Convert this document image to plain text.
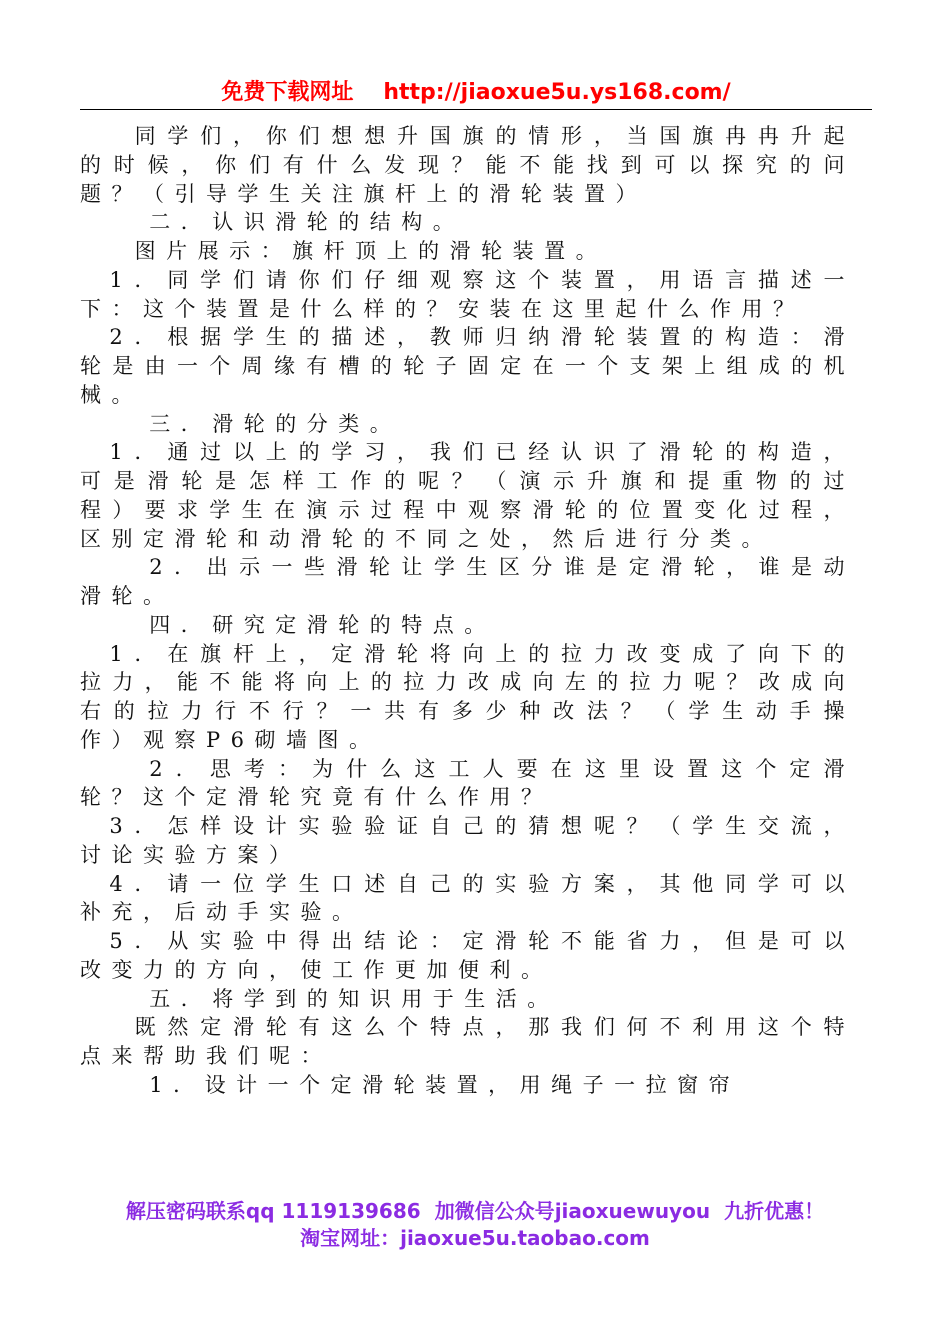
免费下载网址 http://jiaoxue5u.ys168.com/

同学们，你们想想升国旗的情形，当国旗冉冉升起的时候，你们有什么发现？能不能找到可以探究的问题？（引导学生关注旗杆上的滑轮装置）

二．认识滑轮的结构。

图片展示：旗杆顶上的滑轮装置。

1．同学们请你们仔细观察这个装置，用语言描述一下：这个装置是什么样的？安装在这里起什么作用？

2．根据学生的描述，教师归纳滑轮装置的构造：滑轮是由一个周缘有槽的轮子固定在一个支架上组成的机械。

三．滑轮的分类。

1．通过以上的学习，我们已经认识了滑轮的构造，可是滑轮是怎样工作的呢？（演示升旗和提重物的过程）要求学生在演示过程中观察滑轮的位置变化过程，区别定滑轮和动滑轮的不同之处，然后进行分类。

2．出示一些滑轮让学生区分谁是定滑轮，谁是动滑轮。

四．研究定滑轮的特点。

1．在旗杆上，定滑轮将向上的拉力改变成了向下的拉力，能不能将向上的拉力改成向左的拉力呢？改成向右的拉力行不行？一共有多少种改法？（学生动手操作）观察P6砌墙图。

2．思考：为什么这工人要在这里设置这个定滑轮？这个定滑轮究竟有什么作用？

3．怎样设计实验验证自己的猜想呢？（学生交流，讨论实验方案）

4．请一位学生口述自己的实验方案，其他同学可以补充，后动手实验。

5．从实验中得出结论：定滑轮不能省力，但是可以改变力的方向，使工作更加便利。

五．将学到的知识用于生活。

既然定滑轮有这么个特点，那我们何不利用这个特点来帮助我们呢：

1．设计一个定滑轮装置，用绳子一拉窗帘

解压密码联系qq 1119139686 加微信公众号jiaoxuewuyou 九折优惠！
淘宝网址：jiaoxue5u.taobao.com
